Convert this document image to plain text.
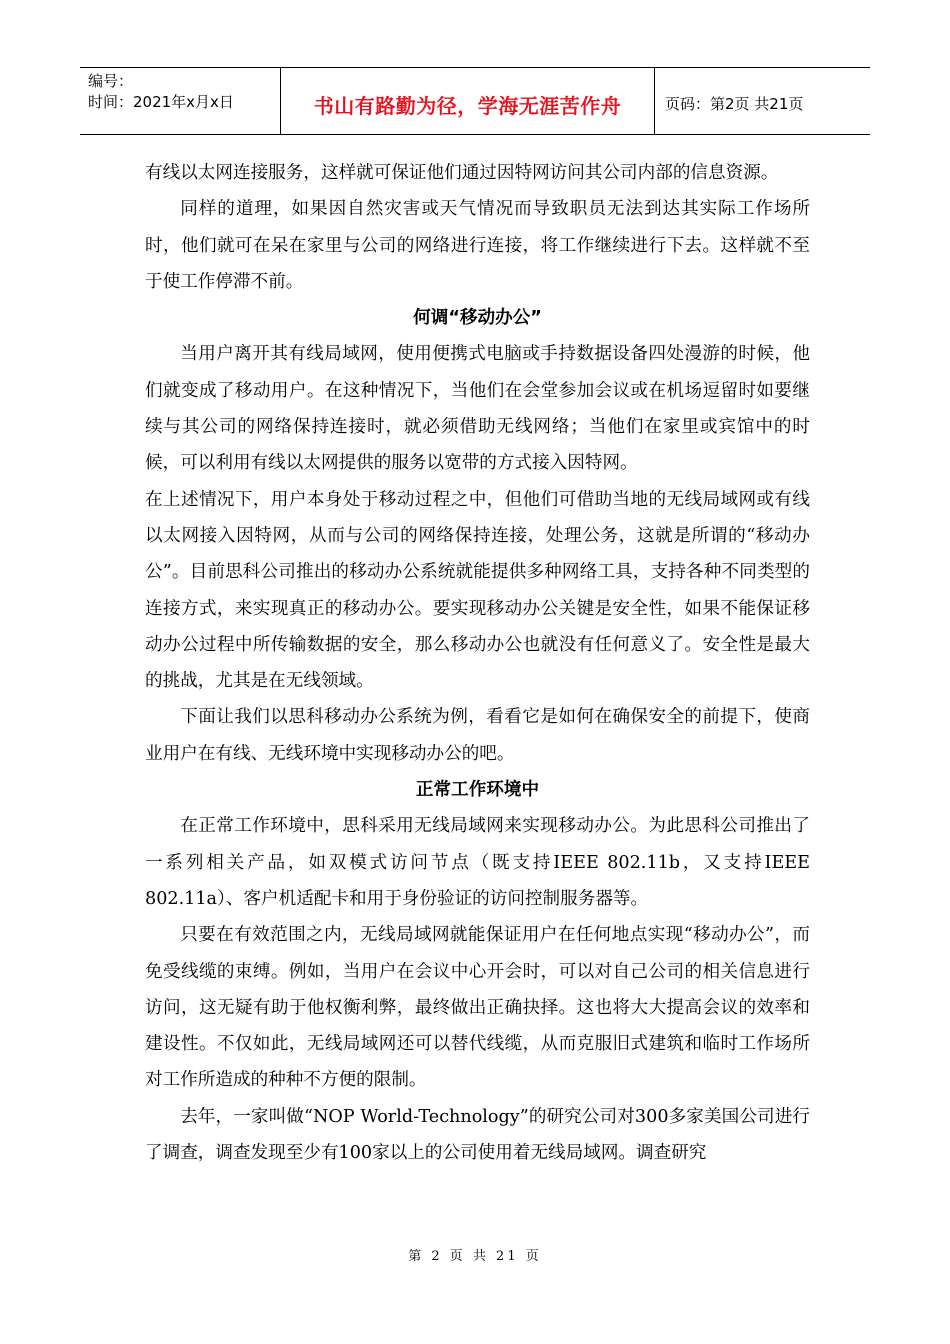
编号：
时间：2021年x月x日	书山有路勤为径，学海无涯苦作舟	页码：第2页 共21页

有线以太网连接服务，这样就可保证他们通过因特网访问其公司内部的信息资源。

同样的道理，如果因自然灾害或天气情况而导致职员无法到达其实际工作场所时，他们就可在呆在家里与公司的网络进行连接，将工作继续进行下去。这样就不至于使工作停滞不前。

何调“移动办公”

当用户离开其有线局域网，使用便携式电脑或手持数据设备四处漫游的时候，他们就变成了移动用户。在这种情况下，当他们在会堂参加会议或在机场逗留时如要继续与其公司的网络保持连接时，就必须借助无线网络；当他们在家里或宾馆中的时候，可以利用有线以太网提供的服务以宽带的方式接入因特网。

在上述情况下，用户本身处于移动过程之中，但他们可借助当地的无线局域网或有线以太网接入因特网，从而与公司的网络保持连接，处理公务，这就是所谓的“移动办公”。目前思科公司推出的移动办公系统就能提供多种网络工具，支持各种不同类型的连接方式，来实现真正的移动办公。要实现移动办公关键是安全性，如果不能保证移动办公过程中所传输数据的安全，那么移动办公也就没有任何意义了。安全性是最大的挑战，尤其是在无线领域。

下面让我们以思科移动办公系统为例，看看它是如何在确保安全的前提下，使商业用户在有线、无线环境中实现移动办公的吧。

正常工作环境中

在正常工作环境中，思科采用无线局域网来实现移动办公。为此思科公司推出了一系列相关产品，如双模式访问节点（既支持IEEE 802.11b，又支持IEEE 802.11a）、客户机适配卡和用于身份验证的访问控制服务器等。

只要在有效范围之内，无线局域网就能保证用户在任何地点实现“移动办公”，而免受线缆的束缚。例如，当用户在会议中心开会时，可以对自己公司的相关信息进行访问，这无疑有助于他权衡利弊，最终做出正确抉择。这也将大大提高会议的效率和建设性。不仅如此，无线局域网还可以替代线缆，从而克服旧式建筑和临时工作场所对工作所造成的种种不方便的限制。

去年，一家叫做“NOP World-Technology”的研究公司对300多家美国公司进行了调查，调查发现至少有100家以上的公司使用着无线局域网。调查研究

第 2 页 共 21 页
